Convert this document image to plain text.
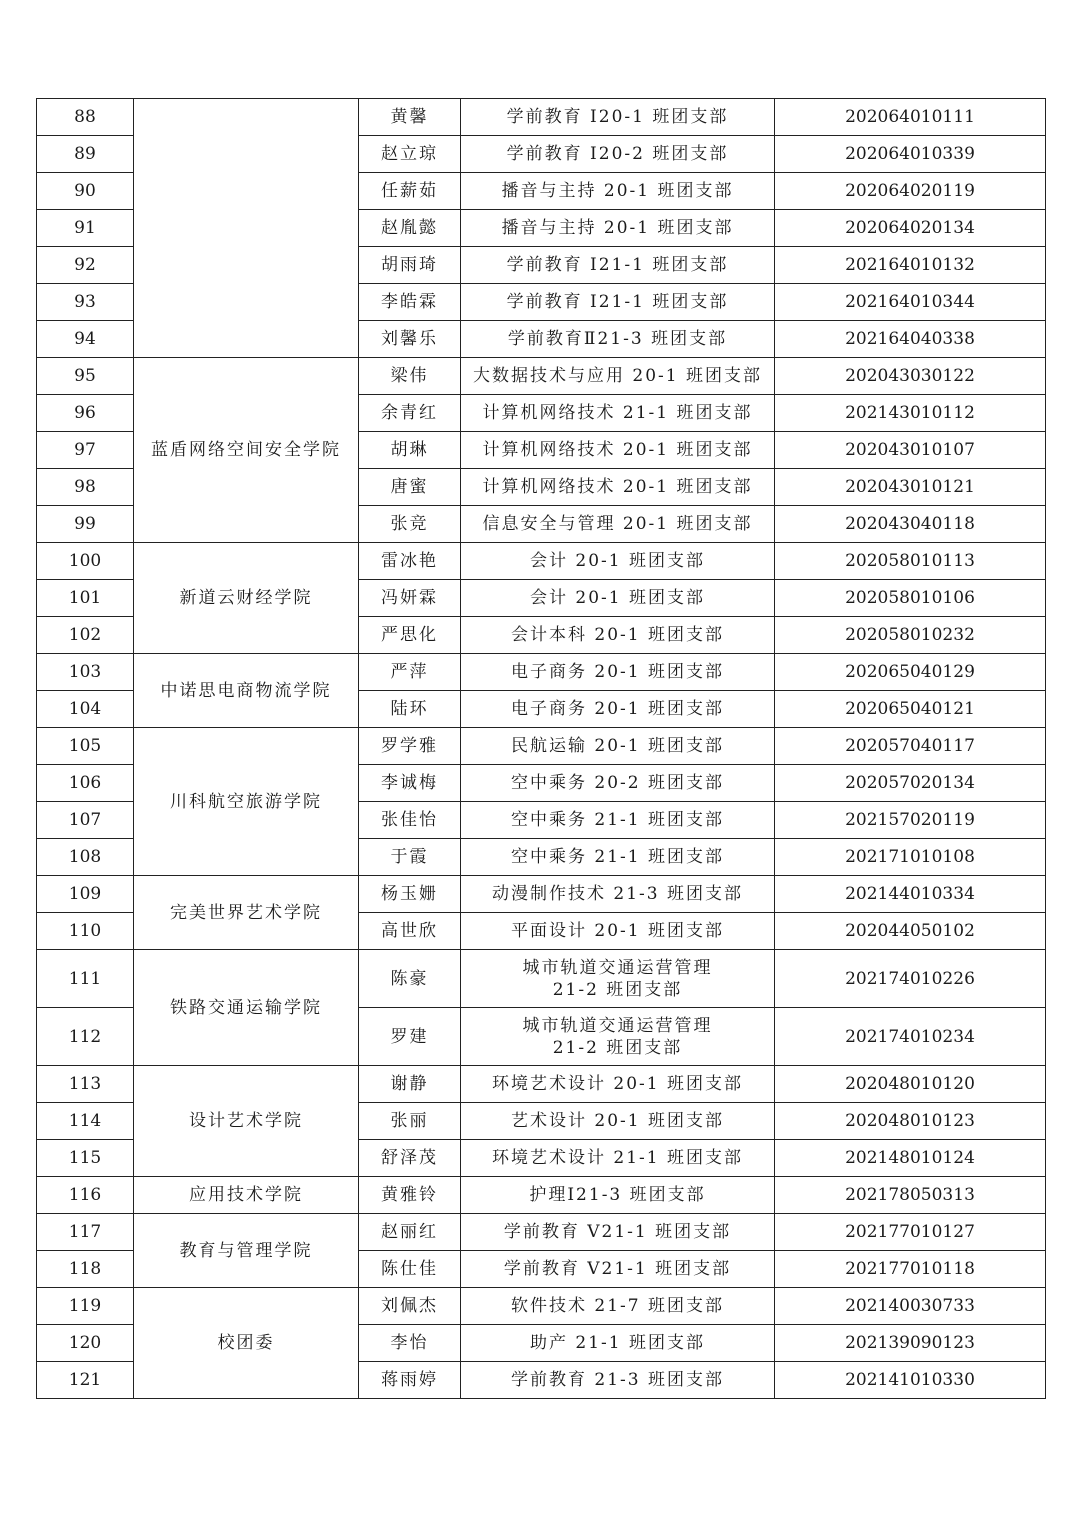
88		黄馨	学前教育 I20-1 班团支部	202064010111
89		赵立琼	学前教育 I20-2 班团支部	202064010339
90		任薪茹	播音与主持 20-1 班团支部	202064020119
91		赵胤懿	播音与主持 20-1 班团支部	202064020134
92		胡雨琦	学前教育 I21-1 班团支部	202164010132
93		李皓霖	学前教育 I21-1 班团支部	202164010344
94		刘馨乐	学前教育Ⅱ21-3 班团支部	202164040338
95	蓝盾网络空间安全学院	梁伟	大数据技术与应用 20-1 班团支部	202043030122
96		余青红	计算机网络技术 21-1 班团支部	202143010112
97		胡琳	计算机网络技术 20-1 班团支部	202043010107
98		唐蜜	计算机网络技术 20-1 班团支部	202043010121
99		张竞	信息安全与管理 20-1 班团支部	202043040118
100	新道云财经学院	雷冰艳	会计 20-1 班团支部	202058010113
101		冯妍霖	会计 20-1 班团支部	202058010106
102		严思化	会计本科 20-1 班团支部	202058010232
103	中诺思电商物流学院	严萍	电子商务 20-1 班团支部	202065040129
104		陆环	电子商务 20-1 班团支部	202065040121
105	川科航空旅游学院	罗学雅	民航运输 20-1 班团支部	202057040117
106		李诚梅	空中乘务 20-2 班团支部	202057020134
107		张佳怡	空中乘务 21-1 班团支部	202157020119
108		于霞	空中乘务 21-1 班团支部	202171010108
109	完美世界艺术学院	杨玉姗	动漫制作技术 21-3 班团支部	202144010334
110		高世欣	平面设计 20-1 班团支部	202044050102
111	铁路交通运输学院	陈豪	城市轨道交通运营管理
21-2 班团支部	202174010226
112		罗建	城市轨道交通运营管理
21-2 班团支部	202174010234
113	设计艺术学院	谢静	环境艺术设计 20-1 班团支部	202048010120
114		张丽	艺术设计 20-1 班团支部	202048010123
115		舒泽茂	环境艺术设计 21-1 班团支部	202148010124
116	应用技术学院	黄雅铃	护理Ⅰ21-3 班团支部	202178050313
117	教育与管理学院	赵丽红	学前教育 V21-1 班团支部	202177010127
118		陈仕佳	学前教育 V21-1 班团支部	202177010118
119	校团委	刘佩杰	软件技术 21-7 班团支部	202140030733
120		李怡	助产 21-1 班团支部	202139090123
121		蒋雨婷	学前教育 21-3 班团支部	202141010330
